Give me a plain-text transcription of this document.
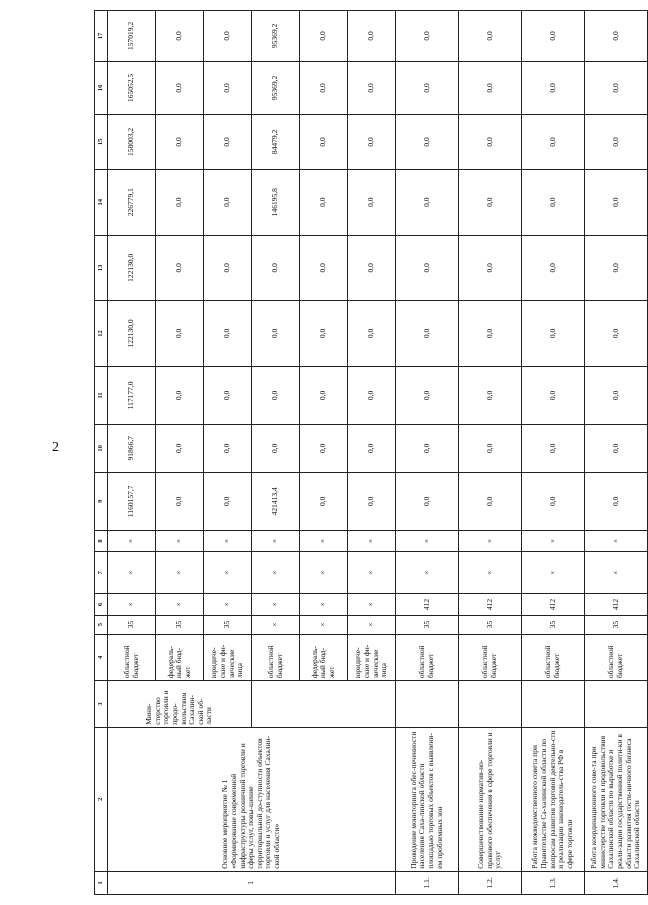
2
1	2	3	4	5	6	7	8	9	10	11	12	13	14	15	16	17
1	Основное мероприятие № 1 «Формирование современной инфраструктуры розничной торговли и сферы услуг, повы-шение территориальной до-ступности объектов торговли и услуг для населения Сахалин-ской области»	Мини-стерство торговли и продо-вольствия Сахалин-ской об-ласти	областной бюджет	35	×	×	×	1160157,7	91866,7	117177,0	122130,0	122130,0	226779,1	158003,2	165052,5	157019,2
			федераль-ный бюд-жет	35	×	×	×	0,0	0,0	0,0	0,0	0,0	0,0	0,0	0,0	0,0
			юридиче-ские и фи-зические лица	35	×	×	×	0,0	0,0	0,0	0,0	0,0	0,0	0,0	0,0	0,0
			областной бюджет	×	×	×	×	421413,4	0,0	0,0	0,0	0,0	146195,8	84479,2	95369,2	95369,2
			федераль-ный бюд-жет	×	×	×	×	0,0	0,0	0,0	0,0	0,0	0,0	0,0	0,0	0,0
			юридиче-ские и фи-зические лица	×	×	×	×	0,0	0,0	0,0	0,0	0,0	0,0	0,0	0,0	0,0
1.1.	Проведение мониторинга обес-печенности населения Саха-линской области площадью торговых объектов с выявлени-ем проблемных зон		областной бюджет	35	412	×	×	0,0	0,0	0,0	0,0	0,0	0,0	0,0	0,0	0,0
1.2.	Совершенствование норматив-но-правового обеспечения в сфере торговли и услуг		областной бюджет	35	412	×	×	0,0	0,0	0,0	0,0	0,0	0,0	0,0	0,0	0,0
1.3.	Работа межведомственного совета при Правительстве Са-халинской области по вопросам развития торговой деятельно-сти и реализации законодатель-ства РФ в сфере торговли		областной бюджет	35	412	×	×	0,0	0,0	0,0	0,0	0,0	0,0	0,0	0,0	0,0
1.4.	Работа координационного сове-та при министерстве торговли и продовольствия Сахалинской области по выработке и реали-зации государственной полити-ки в области развития гости-ничного бизнеса Сахалинской области		областной бюджет	35	412	×	×	0,0	0,0	0,0	0,0	0,0	0,0	0,0	0,0	0,0
